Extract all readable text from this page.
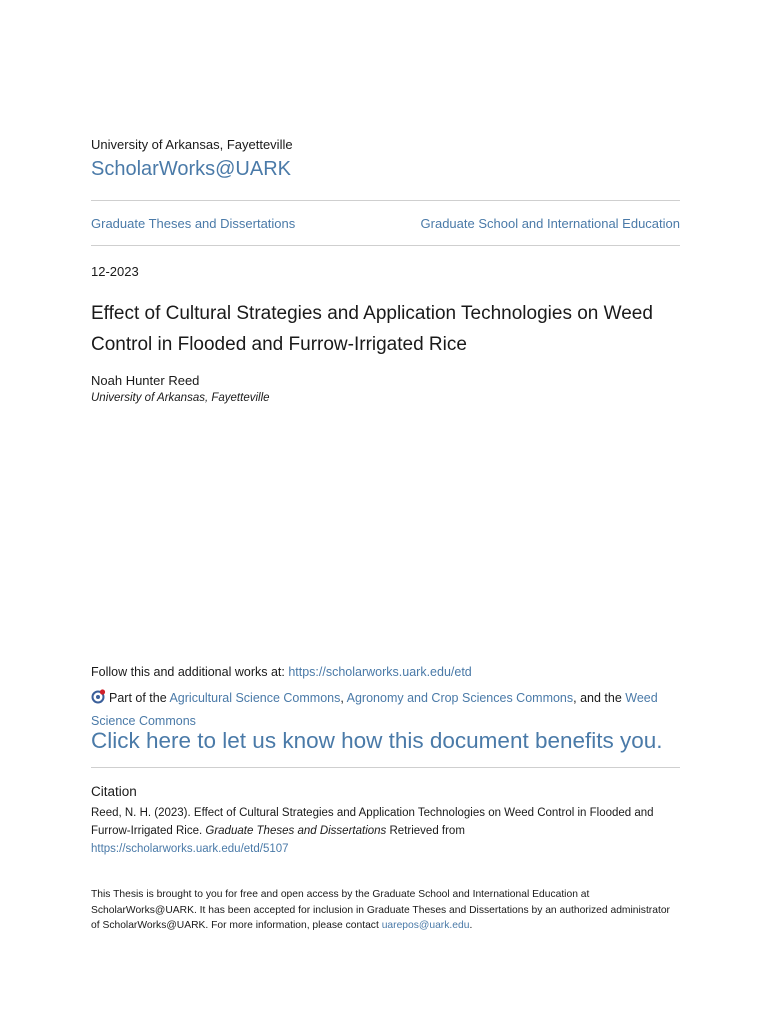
University of Arkansas, Fayetteville
ScholarWorks@UARK
Graduate Theses and Dissertations	Graduate School and International Education
12-2023
Effect of Cultural Strategies and Application Technologies on Weed Control in Flooded and Furrow-Irrigated Rice
Noah Hunter Reed
University of Arkansas, Fayetteville
Follow this and additional works at: https://scholarworks.uark.edu/etd
Part of the Agricultural Science Commons, Agronomy and Crop Sciences Commons, and the Weed Science Commons
Click here to let us know how this document benefits you.
Citation
Reed, N. H. (2023). Effect of Cultural Strategies and Application Technologies on Weed Control in Flooded and Furrow-Irrigated Rice. Graduate Theses and Dissertations Retrieved from
https://scholarworks.uark.edu/etd/5107
This Thesis is brought to you for free and open access by the Graduate School and International Education at ScholarWorks@UARK. It has been accepted for inclusion in Graduate Theses and Dissertations by an authorized administrator of ScholarWorks@UARK. For more information, please contact uarepos@uark.edu.
